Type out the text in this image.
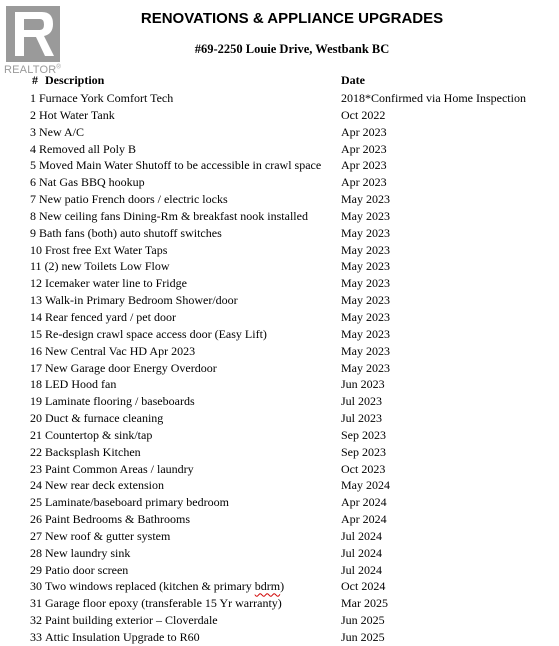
REALTOR®
RENOVATIONS & APPLIANCE UPGRADES
#69-2250 Louie Drive, Westbank BC
# Description	Date
1 Furnace York Comfort Tech	2018*Confirmed via Home Inspection
2 Hot Water Tank	Oct 2022
3 New A/C	Apr 2023
4 Removed all Poly B	Apr 2023
5 Moved Main Water Shutoff to be accessible in crawl space Apr 2023
6 Nat Gas BBQ hookup	Apr 2023
7 New patio French doors / electric locks	May 2023
8 New ceiling fans Dining-Rm & breakfast nook installed	May 2023
9 Bath fans (both) auto shutoff switches	May 2023
10 Frost free Ext Water Taps	May 2023
11 (2) new Toilets Low Flow	May 2023
12 Icemaker water line to Fridge	May 2023
13 Walk-in Primary Bedroom Shower/door	May 2023
14 Rear fenced yard / pet door	May 2023
15 Re-design crawl space access door (Easy Lift)	May 2023
16 New Central Vac HD Apr 2023	May 2023
17 New Garage door Energy Overdoor	May 2023
18 LED Hood fan	Jun 2023
19 Laminate flooring / baseboards	Jul 2023
20 Duct & furnace cleaning	Jul 2023
21 Countertop & sink/tap	Sep 2023
22 Backsplash Kitchen	Sep 2023
23 Paint Common Areas / laundry	Oct 2023
24 New rear deck extension	May 2024
25 Laminate/baseboard primary bedroom	Apr 2024
26 Paint Bedrooms & Bathrooms	Apr 2024
27 New roof & gutter system	Jul 2024
28 New laundry sink	Jul 2024
29 Patio door screen	Jul 2024
30 Two windows replaced (kitchen & primary bdrm)	Oct 2024
31 Garage floor epoxy (transferable 15 Yr warranty)	Mar 2025
32 Paint building exterior – Cloverdale	Jun 2025
33 Attic Insulation Upgrade to R60	Jun 2025
